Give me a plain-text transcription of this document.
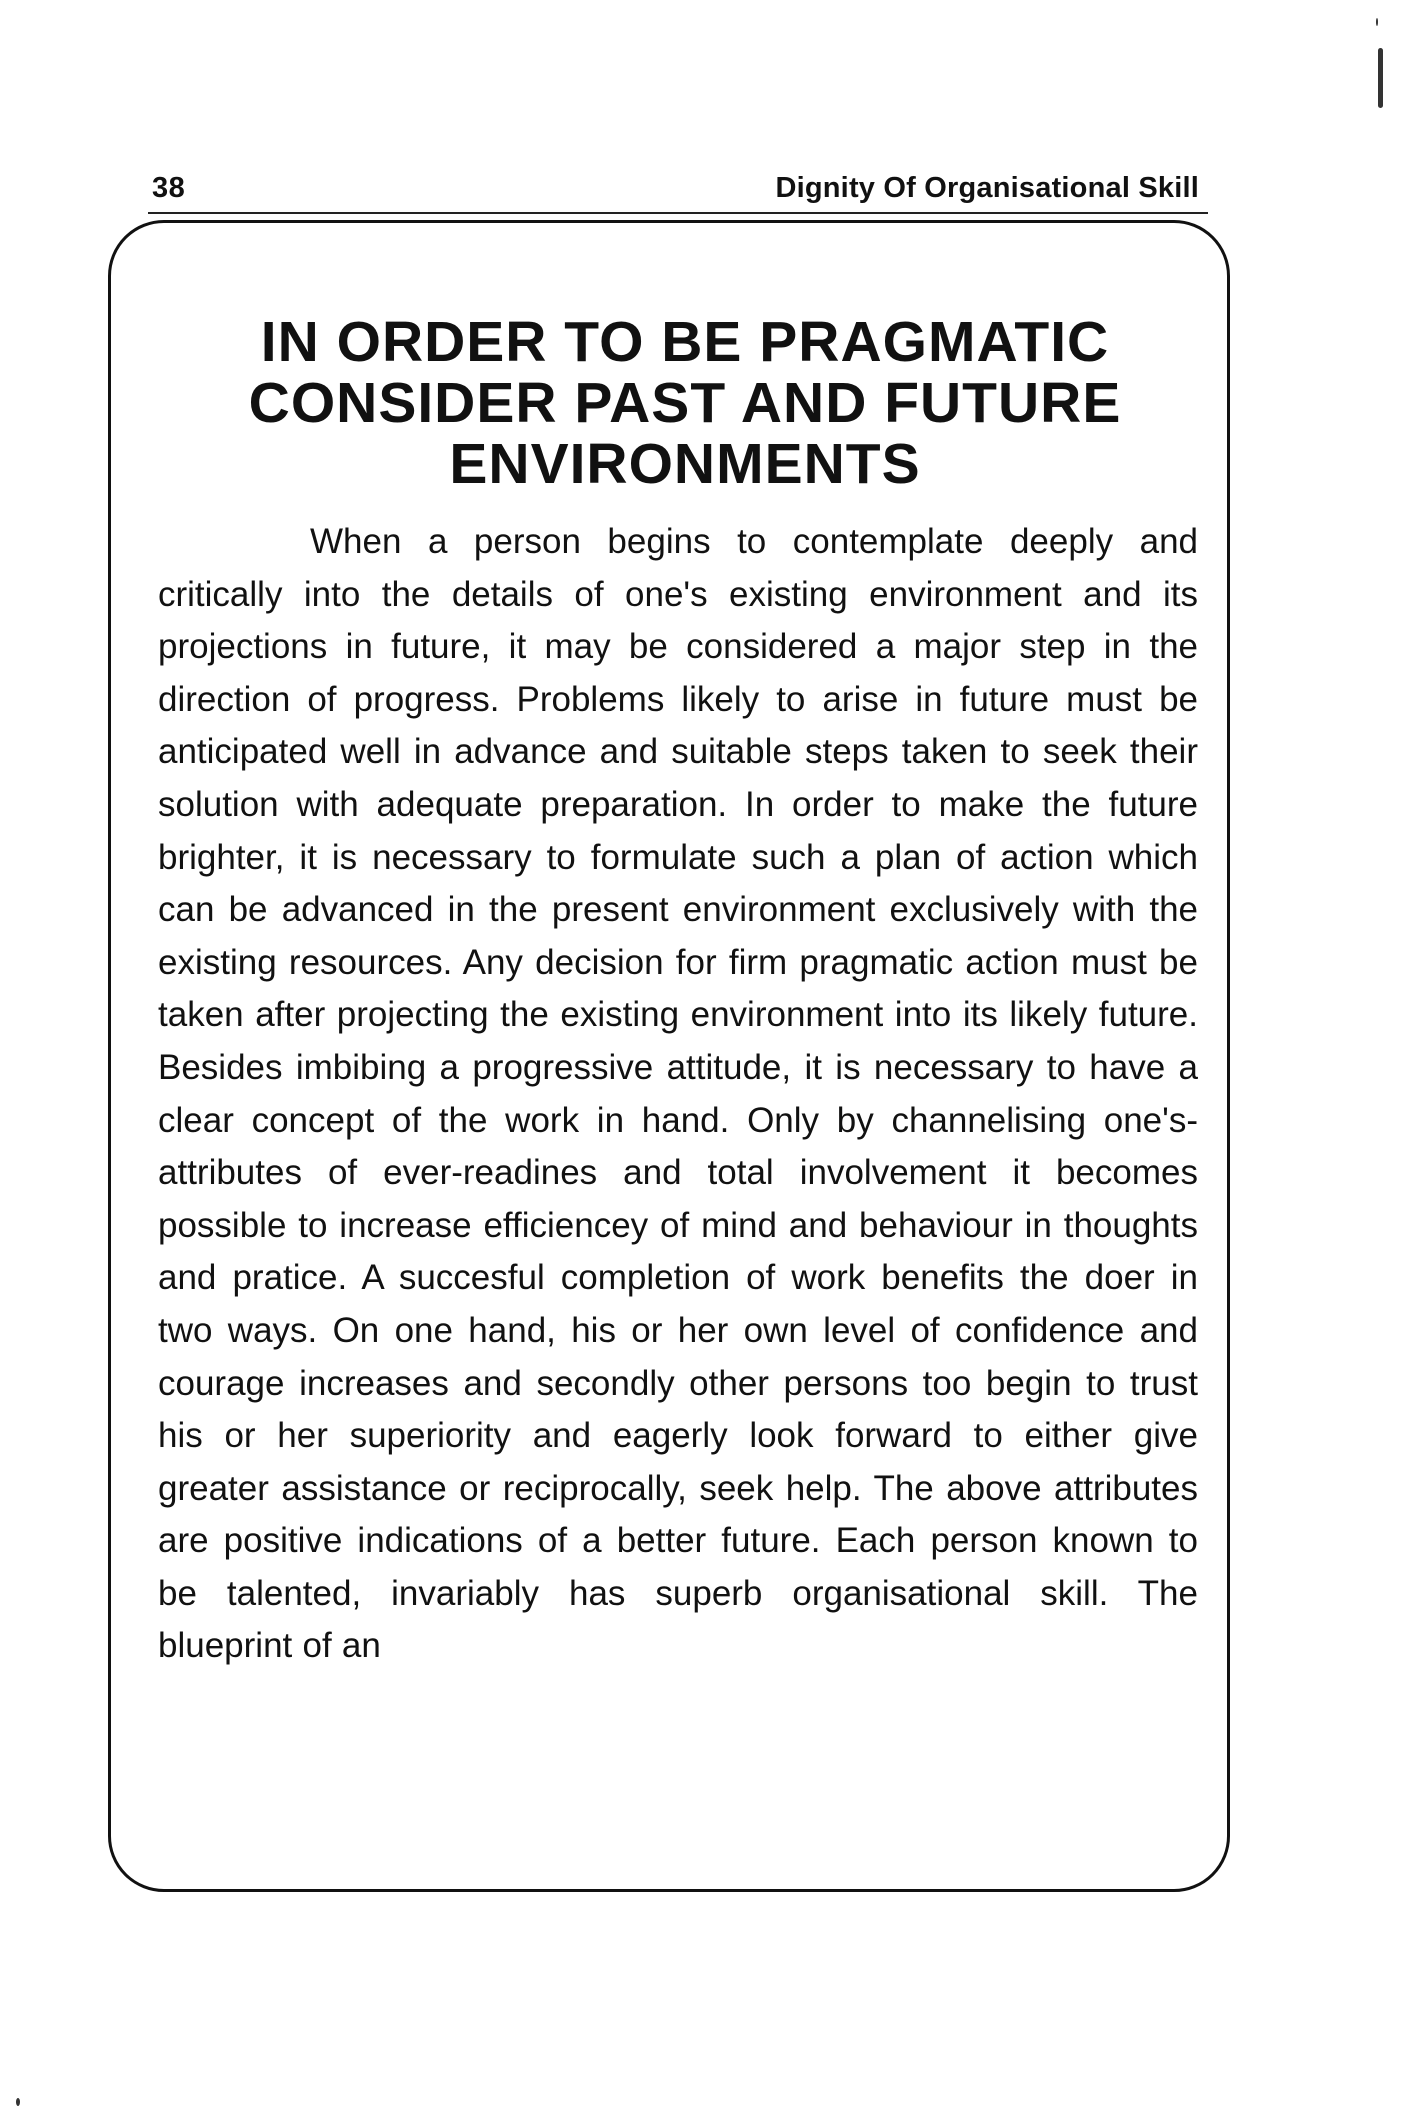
38	Dignity Of Organisational Skill
IN ORDER TO BE PRAGMATIC
CONSIDER PAST AND FUTURE
ENVIRONMENTS

When a person begins to contemplate deeply and critically into the details of one's existing environment and its projections in future, it may be considered a major step in the direction of progress. Problems likely to arise in future must be anticipated well in advance and suitable steps taken to seek their solution with adequate preparation. In order to make the future brighter, it is necessary to formulate such a plan of action which can be advanced in the present environment exclusively with the existing resources. Any decision for firm pragmatic action must be taken after projecting the existing environment into its likely future. Besides imbibing a progressive attitude, it is necessary to have a clear concept of the work in hand. Only by channelising one's-attributes of ever-readines and total involvement it becomes possible to increase efficiencey of mind and behaviour in thoughts and pratice. A succesful completion of work benefits the doer in two ways. On one hand, his or her own level of confidence and courage increases and secondly other persons too begin to trust his or her superiority and eagerly look forward to either give greater assistance or reciprocally, seek help. The above attributes are positive indications of a better future. Each person known to be talented, invariably has superb organisational skill. The blueprint of an
